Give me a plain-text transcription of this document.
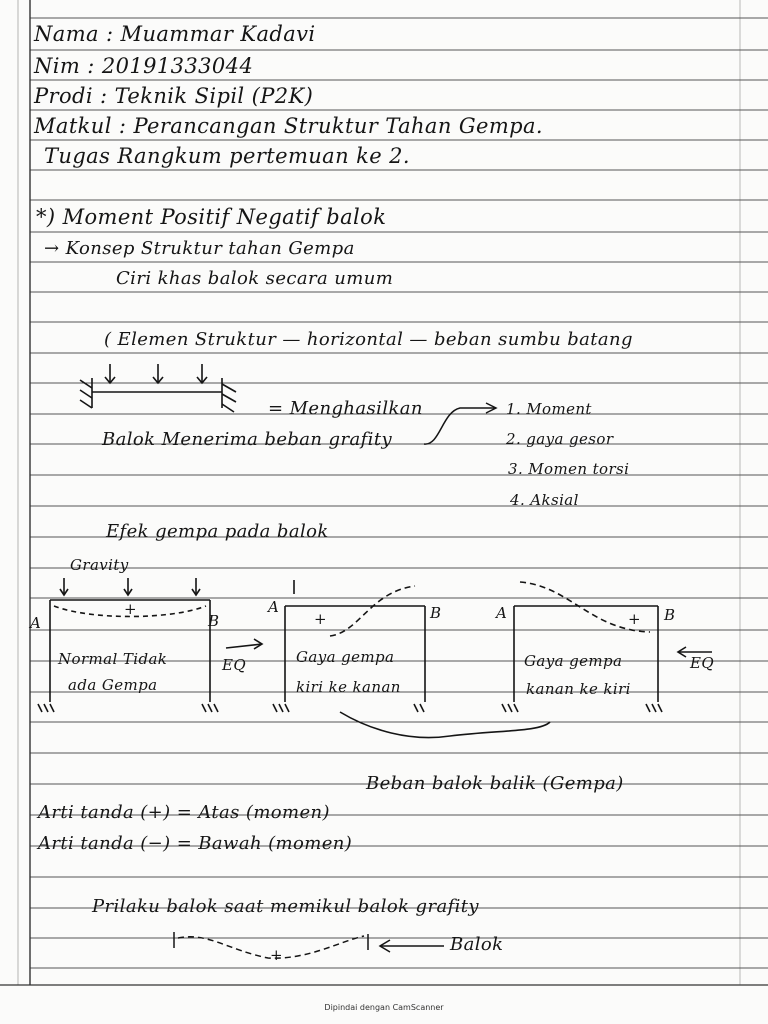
Nama : Muammar Kadavi
Nim : 20191333044
Prodi : Teknik Sipil (P2K)
Matkul : Perancangan Struktur Tahan Gempa.
Tugas Rangkum pertemuan ke 2.
*) Moment Positif Negatif balok
→ Konsep Struktur tahan Gempa
Ciri khas balok secara umum
( Elemen Struktur — horizontal — beban sumbu batang
= Menghasilkan
Balok Menerima beban grafity
1. Moment
2. gaya gesor
3. Momen torsi
4. Aksial
Efek gempa pada balok
Gravity
A	B
+
Normal Tidak
ada Gempa
EQ
A	B
+
Gaya gempa
kiri ke kanan
A	B
+
Gaya gempa
kanan ke kiri
EQ
Beban balok balik (Gempa)
Arti tanda (+) = Atas (momen)
Arti tanda (−) = Bawah (momen)
Prilaku balok saat memikul balok grafity
+	Balok
Dipindai dengan CamScanner
